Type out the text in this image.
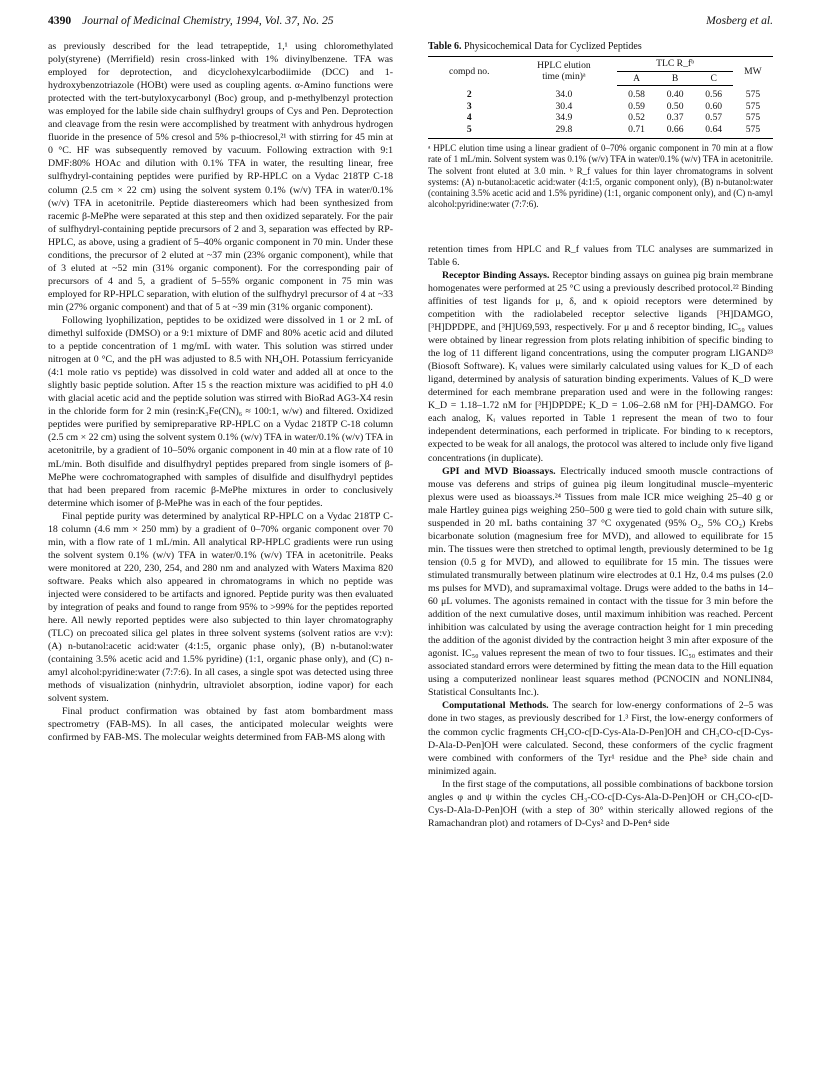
4390 Journal of Medicinal Chemistry, 1994, Vol. 37, No. 25	Mosberg et al.

as previously described for the lead tetrapeptide, 1,¹ using chloromethylated poly(styrene) (Merrifield) resin cross-linked with 1% divinylbenzene. TFA was employed for deprotection, and dicyclohexylcarbodiimide (DCC) and 1-hydroxybenzotriazole (HOBt) were used as coupling agents. α-Amino functions were protected with the tert-butyloxycarbonyl (Boc) group, and p-methylbenzyl protection was employed for the labile side chain sulfhydryl groups of Cys and Pen. Deprotection and cleavage from the resin were accomplished by treatment with anhydrous hydrogen fluoride in the presence of 5% cresol and 5% p-thiocresol,²¹ with stirring for 45 min at 0 °C. HF was subsequently removed by vacuum. Following extraction with 9:1 DMF:80% HOAc and dilution with 0.1% TFA in water, the resulting linear, free sulfhydryl-containing peptides were purified by RP-HPLC on a Vydac 218TP C-18 column (2.5 cm × 22 cm) using the solvent system 0.1% (w/v) TFA in water/0.1% (w/v) TFA in acetonitrile. Peptide diastereomers which had been synthesized from racemic β-MePhe were separated at this step and then oxidized separately. For the pair of sulfhydryl-containing peptide precursors of 2 and 3, separation was effected by RP-HPLC, as above, using a gradient of 5–40% organic component in 70 min. Under these conditions, the precursor of 2 eluted at ~37 min (23% organic component), while that of 3 eluted at ~52 min (31% organic component). For the corresponding pair of precursors of 4 and 5, a gradient of 5–55% organic component in 75 min was employed for RP-HPLC separation, with elution of the sulfhydryl precursor of 4 at ~33 min (27% organic component) and that of 5 at ~39 min (31% organic component).

Following lyophilization, peptides to be oxidized were dissolved in 1 or 2 mL of dimethyl sulfoxide (DMSO) or a 9:1 mixture of DMF and 80% acetic acid and diluted to a peptide concentration of 1 mg/mL with water. This solution was stirred under nitrogen at 0 °C, and the pH was adjusted to 8.5 with NH₄OH. Potassium ferricyanide (4:1 mole ratio vs peptide) was dissolved in cold water and added all at once to the slightly basic peptide solution. After 15 s the reaction mixture was acidified to pH 4.0 with glacial acetic acid and the peptide solution was stirred with BioRad AG3-X4 resin in the chloride form for 2 min (resin:K₃Fe(CN)₆ ≈ 100:1, w/w) and filtered. Oxidized peptides were purified by semipreparative RP-HPLC on a Vydac 218TP C-18 column (2.5 cm × 22 cm) using the solvent system 0.1% (w/v) TFA in water/0.1% (w/v) TFA in acetonitrile, by a gradient of 10–50% organic component in 40 min at a flow rate of 10 mL/min. Both disulfide and disulfhydryl peptides prepared from single isomers of β-MePhe were cochromatographed with samples of disulfide and disulfhydryl peptides that had been prepared from racemic β-MePhe mixtures in order to conclusively determine which isomer of β-MePhe was in each of the four peptides.

Final peptide purity was determined by analytical RP-HPLC on a Vydac 218TP C-18 column (4.6 mm × 250 mm) by a gradient of 0–70% organic component over 70 min, with a flow rate of 1 mL/min. All analytical RP-HPLC gradients were run using the solvent system 0.1% (w/v) TFA in water/0.1% (w/v) TFA in acetonitrile. Peaks were monitored at 220, 230, 254, and 280 nm and analyzed with Waters Maxima 820 software. Peaks which also appeared in chromatograms in which no peptide was injected were considered to be artifacts and ignored. Peptide purity was then evaluated by integration of peaks and found to range from 95% to >99% for the peptides reported here. All newly reported peptides were also subjected to thin layer chromatography (TLC) on precoated silica gel plates in three solvent systems (solvent ratios are v:v): (A) n-butanol:acetic acid:water (4:1:5, organic phase only), (B) n-butanol:water (containing 3.5% acetic acid and 1.5% pyridine) (1:1, organic phase only), and (C) n-amyl alcohol:pyridine:water (7:7:6). In all cases, a single spot was detected using three methods of visualization (ninhydrin, ultraviolet absorption, iodine vapor) for each solvent system.

Final product confirmation was obtained by fast atom bombardment mass spectrometry (FAB-MS). In all cases, the anticipated molecular weights were confirmed by FAB-MS. The molecular weights determined from FAB-MS along with

Table 6. Physicochemical Data for Cyclized Peptides
compd no.	HPLC elution
time (min)ᵃ	TLC R_fᵇ			MW
		A	B	C	
2	34.0	0.58	0.40	0.56	575
3	30.4	0.59	0.50	0.60	575
4	34.9	0.52	0.37	0.57	575
5	29.8	0.71	0.66	0.64	575
ᵃ HPLC elution time using a linear gradient of 0–70% organic component in 70 min at a flow rate of 1 mL/min. Solvent system was 0.1% (w/v) TFA in water/0.1% (w/v) TFA in acetonitrile. The solvent front eluted at 3.0 min. ᵇ R_f values for thin layer chromatograms in solvent systems: (A) n-butanol:acetic acid:water (4:1:5, organic component only), (B) n-butanol:water (containing 3.5% acetic acid and 1.5% pyridine) (1:1, organic component only), and (C) n-amyl alcohol:pyridine:water (7:7:6).

retention times from HPLC and R_f values from TLC analyses are summarized in Table 6.

Receptor Binding Assays. Receptor binding assays on guinea pig brain membrane homogenates were performed at 25 °C using a previously described protocol.²² Binding affinities of test ligands for μ, δ, and κ opioid receptors were determined by competition with the radiolabeled receptor selective ligands [³H]DAMGO, [³H]DPDPE, and [³H]U69,593, respectively. For μ and δ receptor binding, IC₅₀ values were obtained by linear regression from plots relating inhibition of specific binding to the log of 11 different ligand concentrations, using the computer program LIGAND²³ (Biosoft Software). Kᵢ values were similarly calculated using values for K_D of each ligand, determined by analysis of saturation binding experiments. Values of K_D were determined for each membrane preparation used and were in the following ranges: K_D = 1.18–1.72 nM for [³H]DPDPE; K_D = 1.06–2.68 nM for [³H]-DAMGO. For each analog, Kᵢ values reported in Table 1 represent the mean of two to four independent determinations, each performed in triplicate. For binding to κ receptors, expected to be weak for all analogs, the protocol was altered to include only five ligand concentrations (in duplicate).

GPI and MVD Bioassays. Electrically induced smooth muscle contractions of mouse vas deferens and strips of guinea pig ileum longitudinal muscle–myenteric plexus were used as bioassays.²⁴ Tissues from male ICR mice weighing 25–40 g or male Hartley guinea pigs weighing 250–500 g were tied to gold chain with suture silk, suspended in 20 mL baths containing 37 °C oxygenated (95% O₂, 5% CO₂) Krebs bicarbonate solution (magnesium free for MVD), and allowed to equilibrate for 15 min. The tissues were then stretched to optimal length, previously determined to be 1g tension (0.5 g for MVD), and allowed to equilibrate for 15 min. The tissues were stimulated transmurally between platinum wire electrodes at 0.1 Hz, 0.4 ms pulses (2.0 ms pulses for MVD), and supramaximal voltage. Drugs were added to the baths in 14–60 μL volumes. The agonists remained in contact with the tissue for 3 min before the addition of the next cumulative doses, until maximum inhibition was reached. Percent inhibition was calculated by using the average contraction height for 1 min preceding the addition of the agonist divided by the contraction height 3 min after exposure of the agonist. IC₅₀ values represent the mean of two to four tissues. IC₅₀ estimates and their associated standard errors were determined by fitting the mean data to the Hill equation using a computerized nonlinear least squares method (PCNOCIN and NONLIN84, Statistical Consultants Inc.).

Computational Methods. The search for low-energy conformations of 2–5 was done in two stages, as previously described for 1.³ First, the low-energy conformers of the common cyclic fragments CH₃CO-c[D-Cys-Ala-D-Pen]OH and CH₃CO-c[D-Cys-D-Ala-D-Pen]OH were calculated. Second, these conformers of the cyclic fragment were combined with conformers of the Tyr¹ residue and the Phe³ side chain and minimized again.

In the first stage of the computations, all possible combinations of backbone torsion angles φ and ψ within the cycles CH₃-CO-c[D-Cys-Ala-D-Pen]OH or CH₃CO-c[D-Cys-D-Ala-D-Pen]OH (with a step of 30° within sterically allowed regions of the Ramachandran plot) and rotamers of D-Cys² and D-Pen⁴ side
